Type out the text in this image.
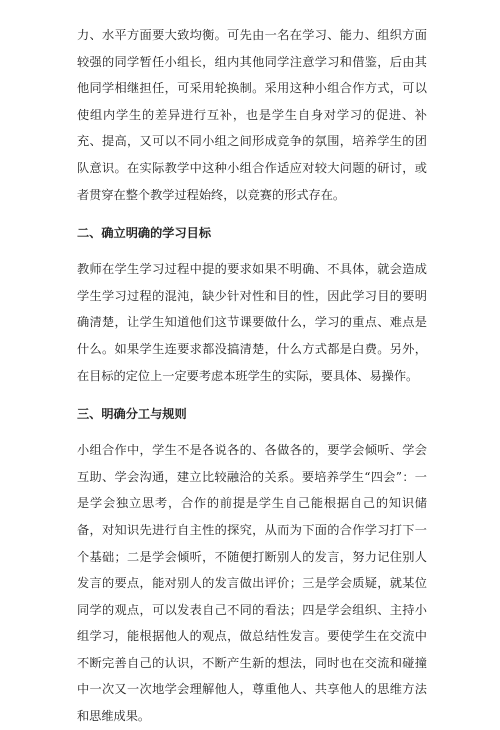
力、水平方面要大致均衡。可先由一名在学习、能力、组织方面较强的同学暂任小组长，组内其他同学注意学习和借鉴，后由其他同学相继担任，可采用轮换制。采用这种小组合作方式，可以使组内学生的差异进行互补，也是学生自身对学习的促进、补充、提高，又可以不同小组之间形成竞争的氛围，培养学生的团队意识。在实际教学中这种小组合作适应对较大问题的研讨，或者贯穿在整个教学过程始终，以竞赛的形式存在。

二、确立明确的学习目标

教师在学生学习过程中提的要求如果不明确、不具体，就会造成学生学习过程的混沌，缺少针对性和目的性，因此学习目的要明确清楚，让学生知道他们这节课要做什么，学习的重点、难点是什么。如果学生连要求都没搞清楚，什么方式都是白费。另外，在目标的定位上一定要考虑本班学生的实际，要具体、易操作。

三、明确分工与规则

小组合作中，学生不是各说各的、各做各的，要学会倾听、学会互助、学会沟通，建立比较融洽的关系。要培养学生“四会”：一是学会独立思考，合作的前提是学生自己能根据自己的知识储备，对知识先进行自主性的探究，从而为下面的合作学习打下一个基础；二是学会倾听，不随便打断别人的发言，努力记住别人发言的要点，能对别人的发言做出评价；三是学会质疑，就某位同学的观点，可以发表自己不同的看法；四是学会组织、主持小组学习，能根据他人的观点，做总结性发言。要使学生在交流中不断完善自己的认识，不断产生新的想法，同时也在交流和碰撞中一次又一次地学会理解他人，尊重他人、共享他人的思维方法和思维成果。
